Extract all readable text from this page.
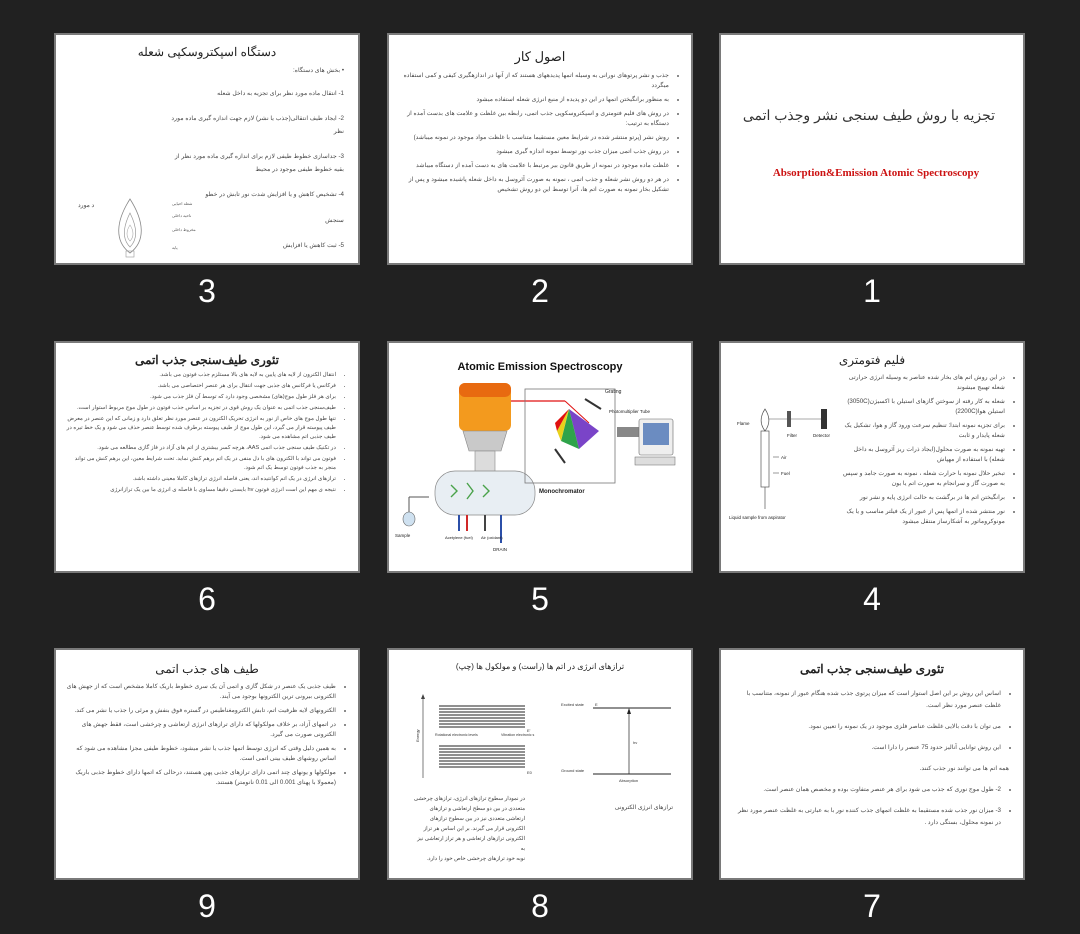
دستگاه اسپکتروسکپی شعله
• بخش های دستگاه:

1- انتقال ماده مورد نظر برای تجزیه به داخل شعله

2- ایجاد طیف انتقالی(جذب یا نشر) لازم جهت اندازه گیری ماده مورد نظر

3- جداسازی خطوط طیفی لازم برای اندازه گیری ماده مورد نظر از بقیه خطوط طیفی موجود در محیط

4- تشخیص کاهش و یا افزایش شدت نور تابش در خطو

سنجش

5- ثبت کاهش یا افزایش
د مورد	شعله احیایی
ناحیه داخلی
مخروط داخلی
پایه
3
اصول کار
• جذب و نشر پرتوهای نورانی به وسیله اتمها پدیدههای هستند که از آنها در اندازهگیری کیفی و کمی استفاده میگردد
• به منظور برانگیختن اتمها در این دو پدیده از منبع انرژی شعله استفاده میشود
• در روش های فلیم فتومتری و اسپکتروسکوپی جذب اتمی، رابطه بین غلظت و علامت های بدست آمده از دستگاه به ترتیب:
• روش نشر (پرتو منتشر شده در شرایط معین مستقیما متناسب با غلظت مواد موجود در نمونه میباشد)
• در روش جذب اتمی میزان جذب نور توسط نمونه اندازه گیری میشود
• غلظت ماده موجود در نمونه از طریق قانون بیر مرتبط با علامت های به دست آمده از دستگاه میباشد
• در هر دو روش نشر شعله و جذب اتمی ، نمونه به صورت آئروسل به داخل شعله پاشیده میشود و پس از تشکیل بخار نمونه به صورت اتم ها، آنرا توسط این دو روش تشخیص
2
تجزیه با روش طیف سنجی نشر وجذب اتمی
Absorption&Emission Atomic Spectroscopy
1
تئوری طیف‌سنجی جذب اتمی
• انتقال الکترون از لایه های پایین به لایه های بالا مستلزم جذب فوتون می باشد.
• فرکانس یا فرکانس های جذبی جهت انتقال برای هر عنصر اختصاصی می باشد.
• برای هر فلز طول موج(های) مشخصی وجود دارد که توسط آن فلز جذب می شود.
• طیف‌سنجی جذب اتمی به عنوان یک روش قوی در تجزیه بر اساس جذب فوتون در طول موج مربوط استوار است.
• تنها طول موج های خاص از نور به انرژی تحریک الکترون در عنصر مورد نظر تعلق دارد و زمانی که این عنصر در معرض طیف پیوسته قرار می گیرد، این طول موج از طیف پیوسته برطرف شده توسط عنصر حذف می شود و یک خط تیره در طیف جذبی اتم مشاهده می شود.
• در تکنیک طیف سنجی جذب اتمی AAS، هرچه کسر بیشتری از اتم های آزاد در فاز گازی مطالعه می شود.
• فوتون می تواند با الکترون های با دل منفی در یک اتم برهم کنش نماید. تحت شرایط معین، این برهم کنش می تواند منجر به جذب فوتون توسط یک اتم شود.
• ترازهای انرژی در یک اتم کوانتیده اند، یعنی فاصله انرژی ترازهای کاملا معینی داشته باشد.
• نتیجه ی مهم این است انرژی فوتون hv بایستی دقیقا مساوی با فاصله ی انرژی ما بین یک ترازانرژی
6
Atomic Emission Spectroscopy
Grating
Photomultiplier Tube
Monochromator
Sample	Acetylene (fuel) Air (oxidant)
DRAIN
5
فلیم فتومتری
• در این روش اتم های بخار شده عناصر به وسیله انرژی حرارتی شعله تهییج میشوند
• شعله به کار رفته از سوختن گازهای استیلن با اکسیژن(3050C) استیلن هوا(2200C)
• برای تجزیه نمونه ابتدا: تنظیم سرعت ورود گاز و هوا، تشکیل یک شعله پایدار و ثابت
• تهیه نمونه به صورت محلول(ایجاد ذرات ریز آئروسل به داخل شعله) با استفاده از مهپاش
• تبخیر حلال نمونه با حرارت شعله ، نمونه به صورت جامد و سپس به صورت گاز و سرانجام به صورت اتم یا یون
• برانگیختن اتم ها در برگشت به حالت انرژی پایه و نشر نور
• نور منتشر شده از اتمها پس از عبور از یک فیلتر مناسب و یا یک مونوکروماتور به آشکارساز منتقل میشود
Flame
Filter	Detector
Air
Fuel
Liquid sample from aspirator
4
طیف های جذب اتمی
• طیف جذبی یک عنصر در شکل گازی و اتمی آن یک سری خطوط باریک کاملا مشخص است که از جهش های الکترونی بیرونی ترین الکترونها بوجود می آیند.
• الکترونهای لایه ظرفیت اتم، تابش الکترومغناطیس در گستره فوق بنفش و مرئی را جذب یا نشر می کند.
• در اتمهای آزاد، بر خلاف مولکولها که دارای ترازهای انرژی ارتعاشی و چرخشی است، فقط جهش های الکترونی صورت می گیرد.
• به همین دلیل وقتی که انرژی توسط اتمها جذب یا نشر میشود، خطوط طیفی مجزا مشاهده می شود که اساس روشهای طیف بینی اتمی است.
• مولکولها و یونهای چند اتمی دارای ترازهای جذبی پهن هستند، درحالی که اتمها دارای خطوط جذبی باریک (معمولا با پهنای 0.001 الی 0.01 نانومتر) هستند.
9
ترازهای انرژی در اتم ها (راست) و مولکول ها (چپ)
Energy	Rotational electronic levels	Vibration electronic s
E'
E0
Excited state
Ground state
E
hv
Absorption
ترازهای انرژی الکترونی
در نمودار سطوح ترازهای انرژی، ترازهای چرخشی
متعددی در بین دو سطح ارتعاشی و ترازهای
ارتعاشی متعددی نیز در بین سطوح ترازهای
الکترونی قرار می گیرند. بر این اساس هر تراز
الکترونی ترازهای ارتعاشی و هر تراز ارتعاشی نیز به
نوبه خود ترازهای چرخشی خاص خود را دارد.
8
تئوری طیف‌سنجی جذب اتمی
• اساس این روش بر این اصل استوار است که میزان پرتوی جذب شده هنگام عبور از نمونه، متناسب با غلظت عنصر مورد نظر است.
• می توان با دقت بالایی غلظت عناصر فلزی موجود در یک نمونه را تعیین نمود.
• این روش توانایی آنالیز حدود 75 عنصر را دارا است.

همه اتم ها می توانند نور جذب کنند.

• 2- طول موج نوری که جذب می شود برای هر عنصر متفاوت بوده و مخصص همان عنصر است.
• 3- میزان نور جذب شده مستقیما به غلظت اتمهای جذب کننده نور با به عبارتی به غلظت عنصر مورد نظر در نمونه محلول، بستگی دارد .
7
